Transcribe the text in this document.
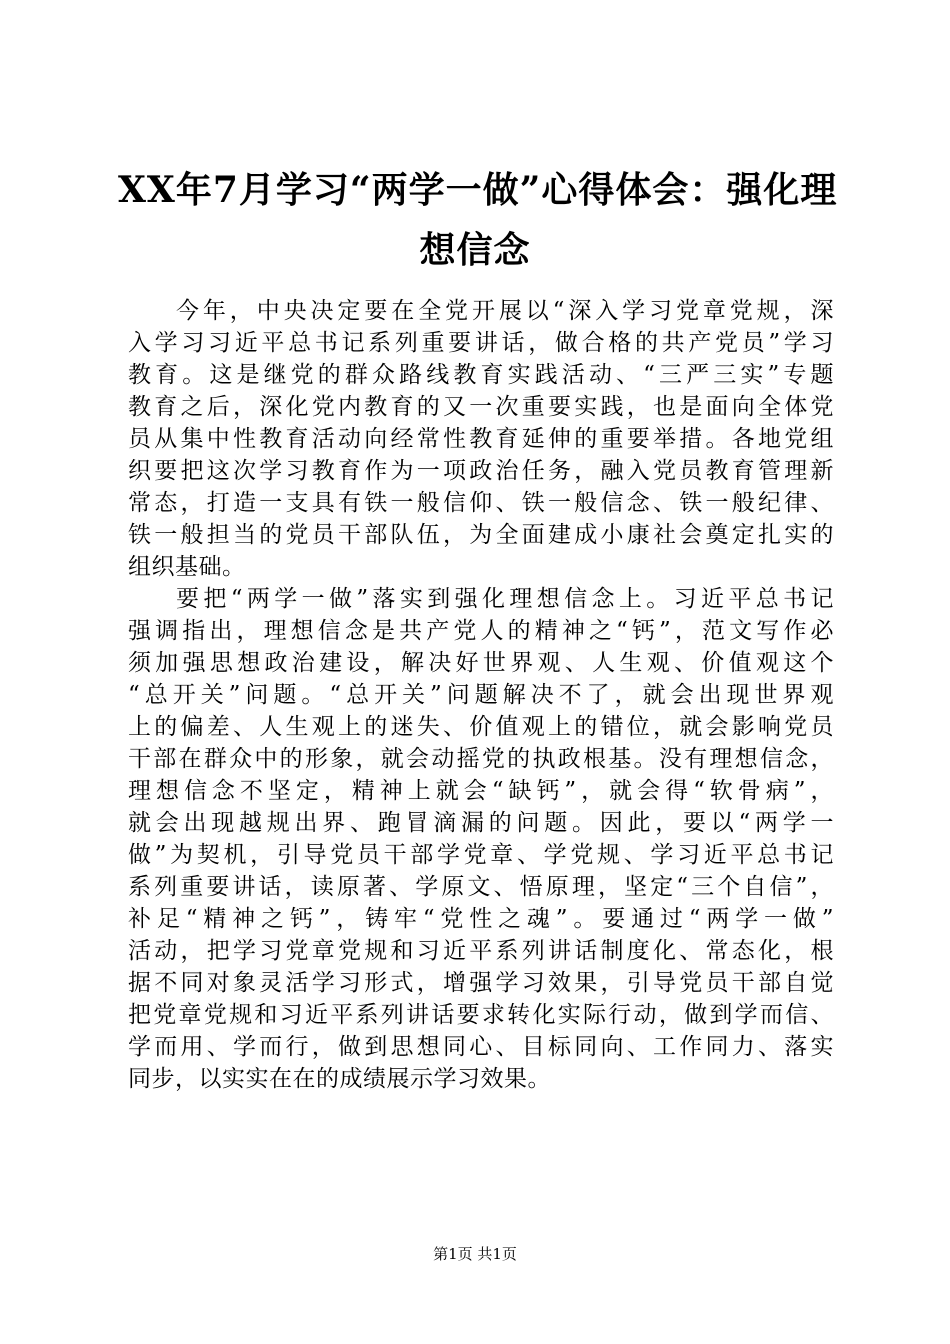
XX年7月学习“两学一做”心得体会：强化理
想信念

今年，中央决定要在全党开展以“深入学习党章党规，深
入学习习近平总书记系列重要讲话，做合格的共产党员”学习
教育。这是继党的群众路线教育实践活动、“三严三实”专题
教育之后，深化党内教育的又一次重要实践，也是面向全体党
员从集中性教育活动向经常性教育延伸的重要举措。各地党组
织要把这次学习教育作为一项政治任务，融入党员教育管理新
常态，打造一支具有铁一般信仰、铁一般信念、铁一般纪律、
铁一般担当的党员干部队伍，为全面建成小康社会奠定扎实的
组织基础。

要把“两学一做”落实到强化理想信念上。习近平总书记
强调指出，理想信念是共产党人的精神之“钙”，范文写作必
须加强思想政治建设，解决好世界观、人生观、价值观这个
“总开关”问题。“总开关”问题解决不了，就会出现世界观
上的偏差、人生观上的迷失、价值观上的错位，就会影响党员
干部在群众中的形象，就会动摇党的执政根基。没有理想信念，
理想信念不坚定，精神上就会“缺钙”，就会得“软骨病”，
就会出现越规出界、跑冒滴漏的问题。因此，要以“两学一
做”为契机，引导党员干部学党章、学党规、学习近平总书记
系列重要讲话，读原著、学原文、悟原理，坚定“三个自信”，
补足“精神之钙”，铸牢“党性之魂”。要通过“两学一做”
活动，把学习党章党规和习近平系列讲话制度化、常态化，根
据不同对象灵活学习形式，增强学习效果，引导党员干部自觉
把党章党规和习近平系列讲话要求转化实际行动，做到学而信、
学而用、学而行，做到思想同心、目标同向、工作同力、落实
同步，以实实在在的成绩展示学习效果。

第1页 共1页
